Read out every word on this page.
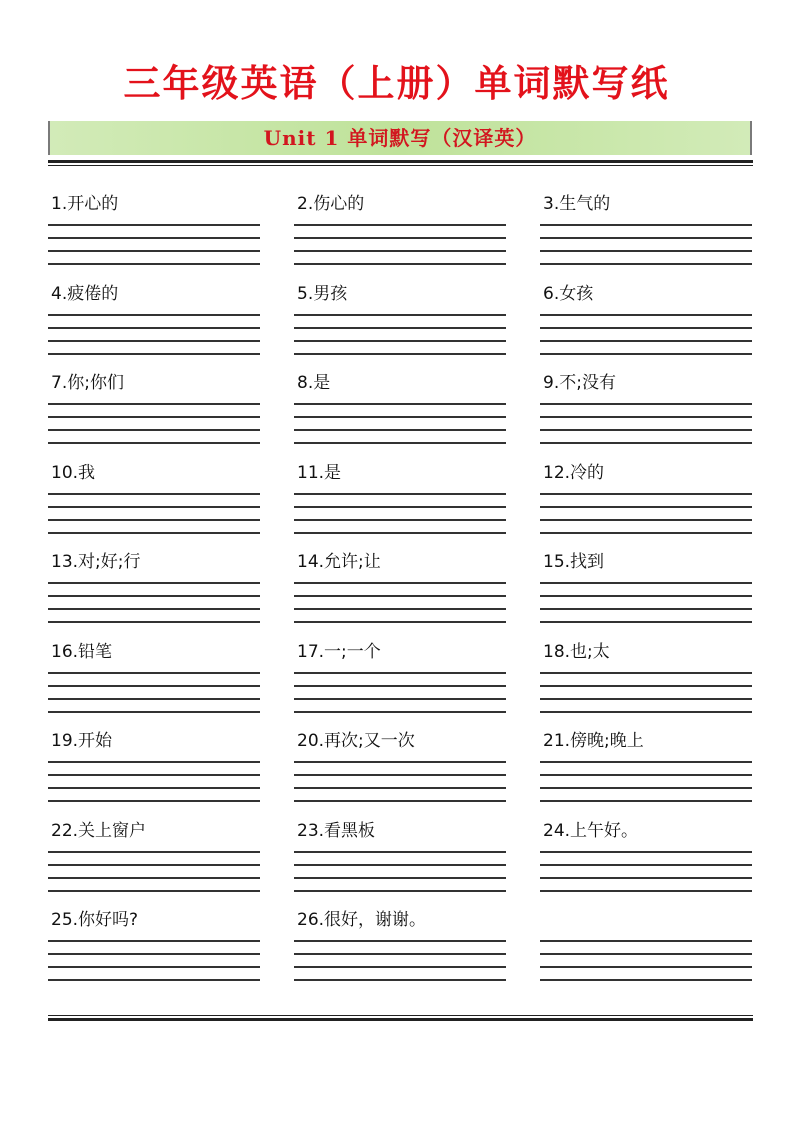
三年级英语（上册）单词默写纸
Unit 1 单词默写（汉译英）
1.开心的	2.伤心的	3.生气的
4.疲倦的	5.男孩	6.女孩
7.你;你们	8.是	9.不;没有
10.我	11.是	12.冷的
13.对;好;行	14.允许;让	15.找到
16.铅笔	17.一;一个	18.也;太
19.开始	20.再次;又一次	21.傍晚;晚上
22.关上窗户	23.看黑板	24.上午好。
25.你好吗?	26.很好，谢谢。
